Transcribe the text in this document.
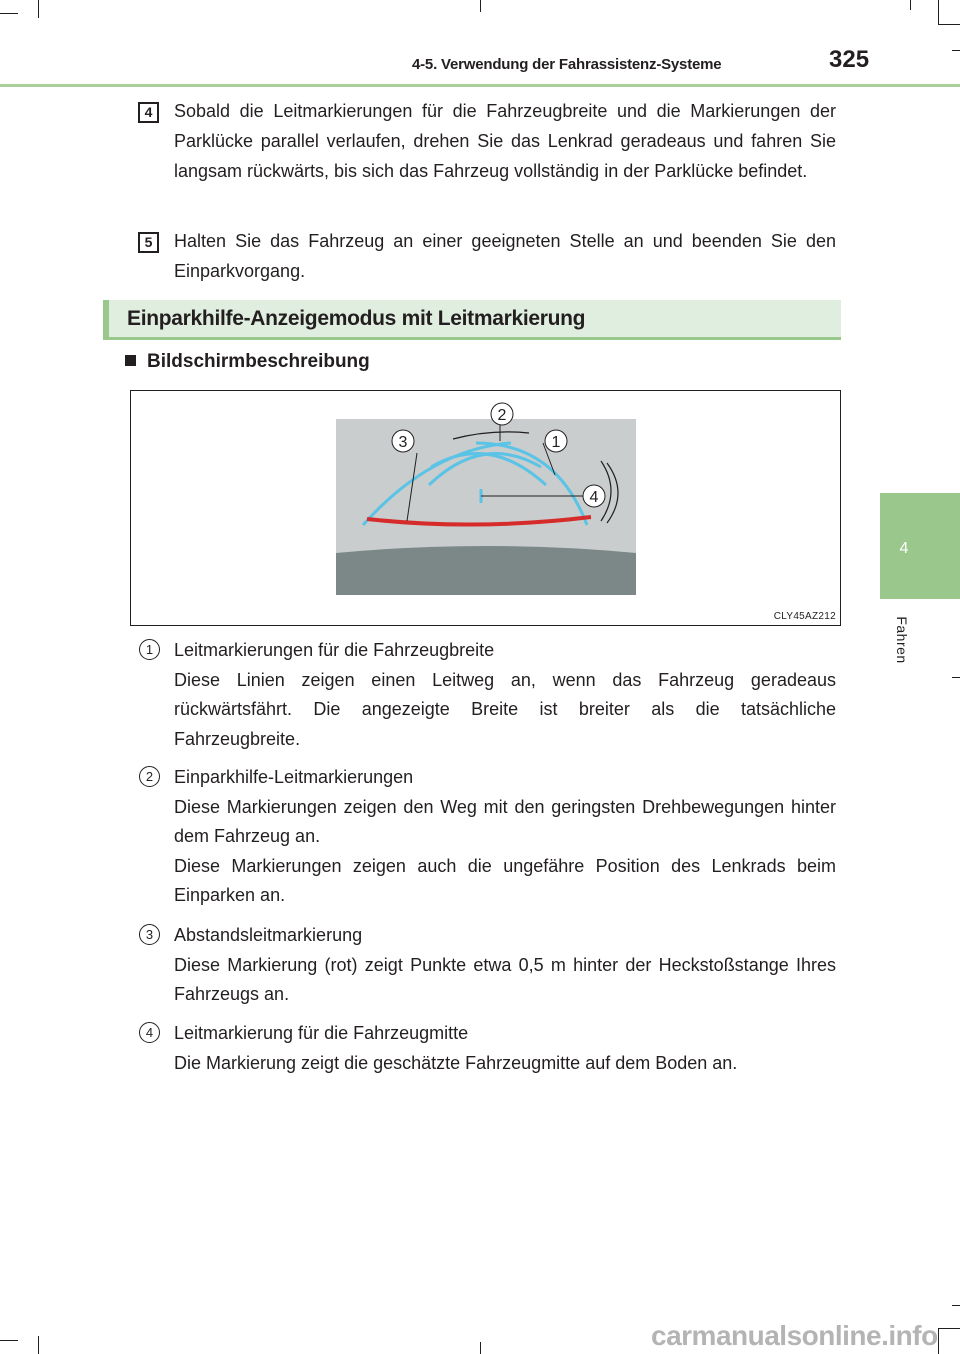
4-5. Verwendung der Fahrassistenz-Systeme	325
4
Fahren
4	Sobald die Leitmarkierungen für die Fahrzeugbreite und die Markierungen der Parklücke parallel verlaufen, drehen Sie das Lenkrad geradeaus und fahren Sie langsam rückwärts, bis sich das Fahrzeug vollständig in der Parklücke befindet.
5	Halten Sie das Fahrzeug an einer geeigneten Stelle an und beenden Sie den Einparkvorgang.
Einparkhilfe-Anzeigemodus mit Leitmarkierung
Bildschirmbeschreibung
2
1
3
4
CLY45AZ212
1	Leitmarkierungen für die Fahrzeugbreite

Diese Linien zeigen einen Leitweg an, wenn das Fahrzeug geradeaus rückwärtsfährt. Die angezeigte Breite ist breiter als die tatsächliche Fahrzeugbreite.

2	Einparkhilfe-Leitmarkierungen

Diese Markierungen zeigen den Weg mit den geringsten Drehbewegungen hinter dem Fahrzeug an.

Diese Markierungen zeigen auch die ungefähre Position des Lenkrads beim Einparken an.

3	Abstandsleitmarkierung

Diese Markierung (rot) zeigt Punkte etwa 0,5 m hinter der Heckstoßstange Ihres Fahrzeugs an.

4	Leitmarkierung für die Fahrzeugmitte

Die Markierung zeigt die geschätzte Fahrzeugmitte auf dem Boden an.

carmanualsonline.info
